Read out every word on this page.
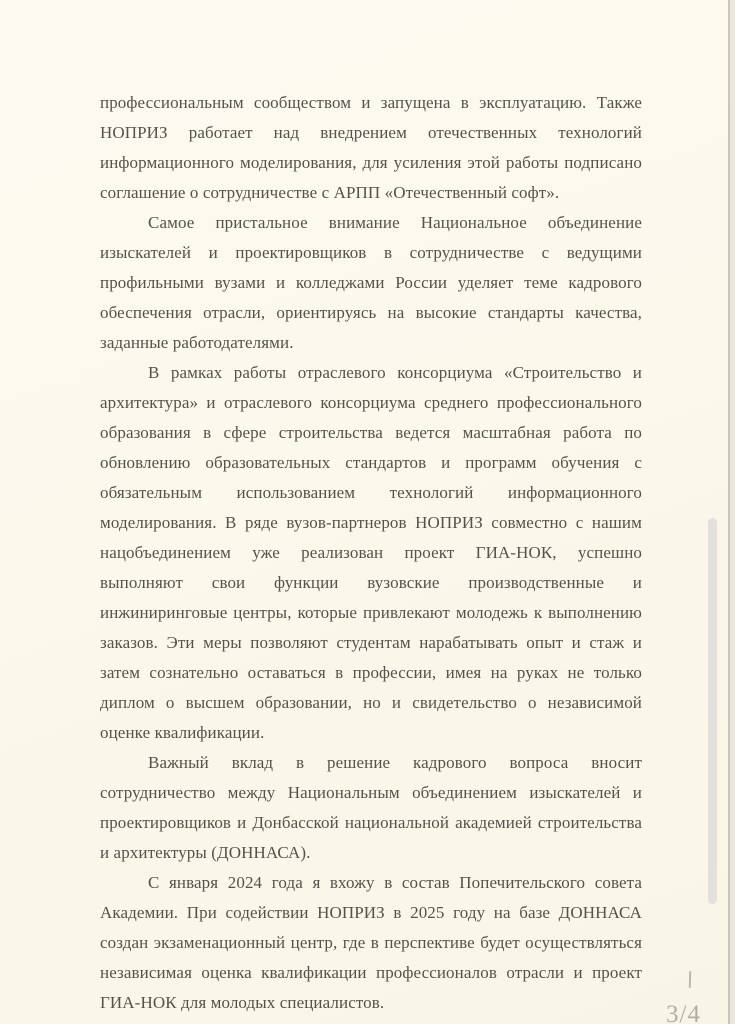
профессиональным сообществом и запущена в эксплуатацию. Также НОПРИЗ работает над внедрением отечественных технологий информационного моделирования, для усиления этой работы подписано соглашение о сотрудничестве с АРПП «Отечественный софт».

Самое пристальное внимание Национальное объединение изыскателей и проектировщиков в сотрудничестве с ведущими профильными вузами и колледжами России уделяет теме кадрового обеспечения отрасли, ориентируясь на высокие стандарты качества, заданные работодателями.

В рамках работы отраслевого консорциума «Строительство и архитектура» и отраслевого консорциума среднего профессионального образования в сфере строительства ведется масштабная работа по обновлению образовательных стандартов и программ обучения с обязательным использованием технологий информационного моделирования. В ряде вузов-партнеров НОПРИЗ совместно с нашим нацобъединением уже реализован проект ГИА-НОК, успешно выполняют свои функции вузовские производственные и инжиниринговые центры, которые привлекают молодежь к выполнению заказов. Эти меры позволяют студентам нарабатывать опыт и стаж и затем сознательно оставаться в профессии, имея на руках не только диплом о высшем образовании, но и свидетельство о независимой оценке квалификации.

Важный вклад в решение кадрового вопроса вносит сотрудничество между Национальным объединением изыскателей и проектировщиков и Донбасской национальной академией строительства и архитектуры (ДОННАСА).

С января 2024 года я вхожу в состав Попечительского совета Академии. При содействии НОПРИЗ в 2025 году на базе ДОННАСА создан экзаменационный центр, где в перспективе будет осуществляться независимая оценка квалификации профессионалов отрасли и проект ГИА-НОК для молодых специалистов.	3/4
